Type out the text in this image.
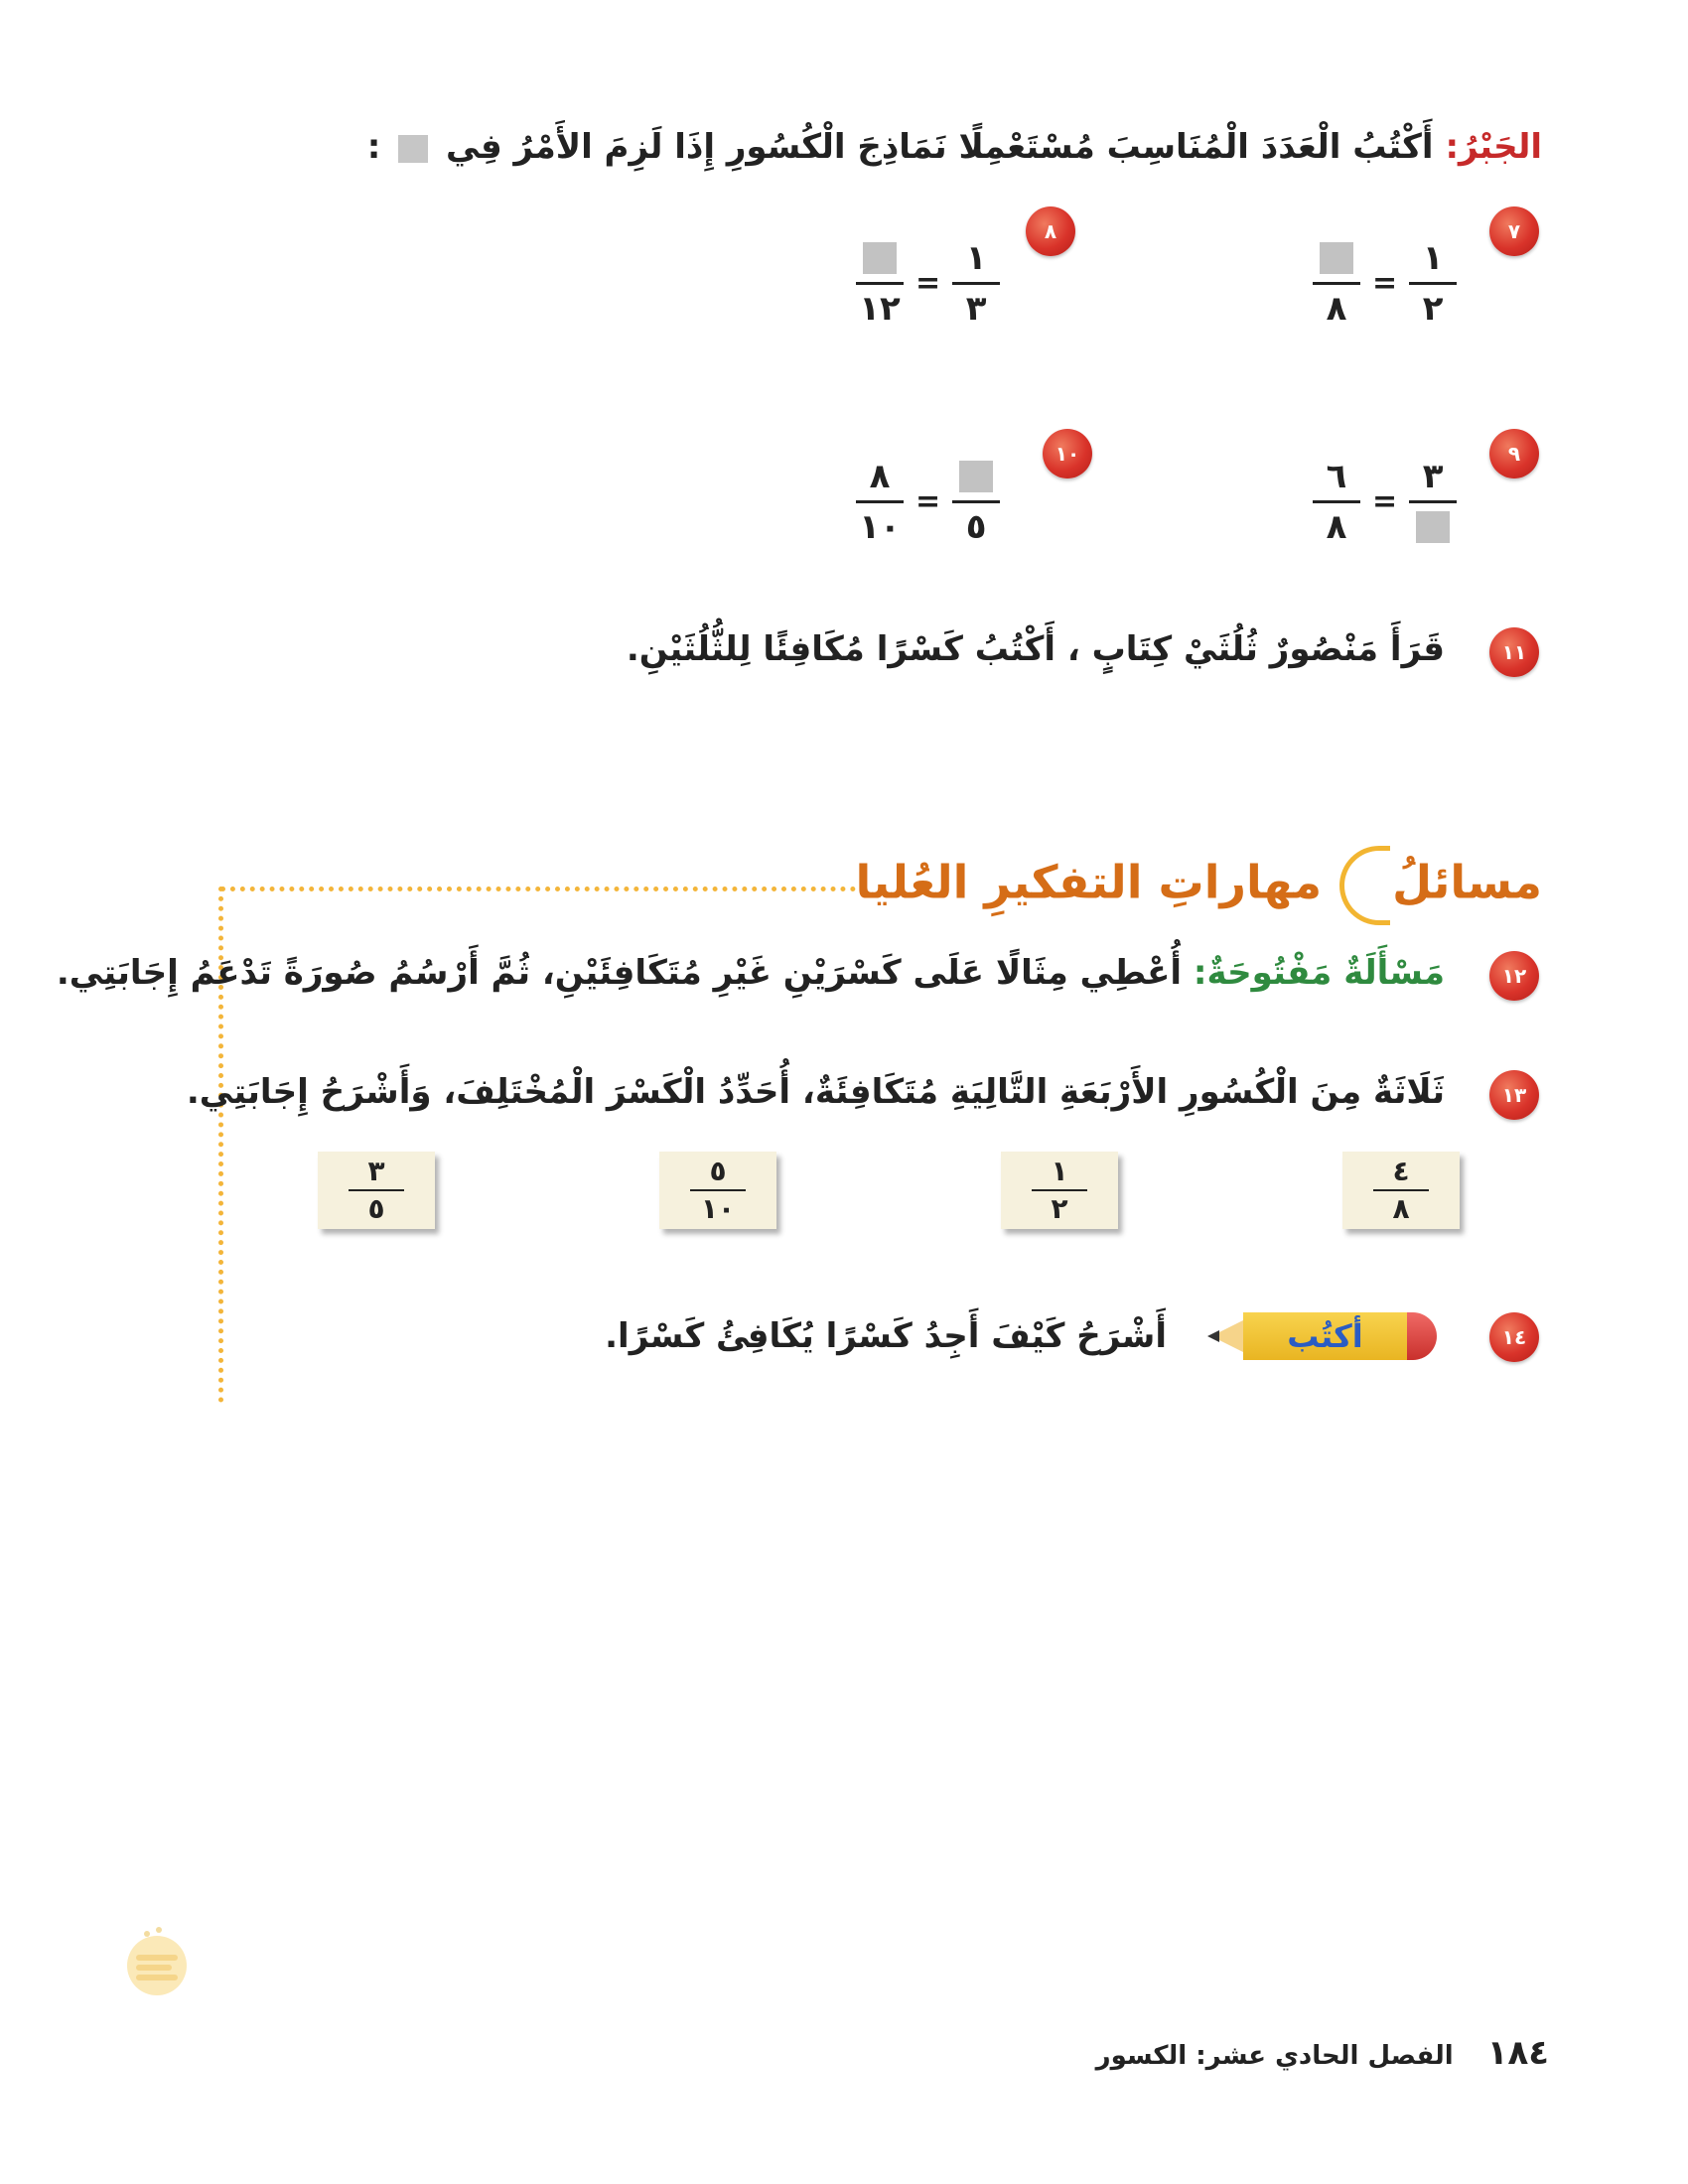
الجَبْرُ: أَكْتُبُ الْعَدَدَ الْمُنَاسِبَ مُسْتَعْمِلًا نَمَاذِجَ الْكُسُورِ إِذَا لَزِمَ الأَمْرُ فِي  :
٧
٨
= $\frac{١}{٢}$
٨
١٢
= $\frac{١}{٣}$
٩
$\frac{٦}{٨}$ =
٣
١٠
$\frac{٨}{١٠}$ =
٥
١١
قَرَأَ مَنْصُورٌ ثُلُثَيْ كِتَابٍ ، أَكْتُبُ كَسْرًا مُكَافِئًا لِلثُّلُثَيْنِ.
مسائلُ مهاراتِ التفكيرِ العُليا
١٢
مَسْأَلَةٌ مَفْتُوحَةٌ: أُعْطِي مِثَالًا عَلَى كَسْرَيْنِ غَيْرِ مُتَكَافِئَيْنِ، ثُمَّ أَرْسُمُ صُورَةً تَدْعَمُ إِجَابَتِي.
١٣
ثَلَاثَةٌ مِنَ الْكُسُورِ الأَرْبَعَةِ التَّالِيَةِ مُتَكَافِئَةٌ، أُحَدِّدُ الْكَسْرَ الْمُخْتَلِفَ، وَأَشْرَحُ إِجَابَتِي.
$\frac{٤}{٨}$
$\frac{١}{٢}$
$\frac{٥}{١٠}$
$\frac{٣}{٥}$
١٤
أكتُب
أَشْرَحُ كَيْفَ أَجِدُ كَسْرًا يُكَافِئُ كَسْرًا.
١٨٤
الفصل الحادي عشر: الكسور
